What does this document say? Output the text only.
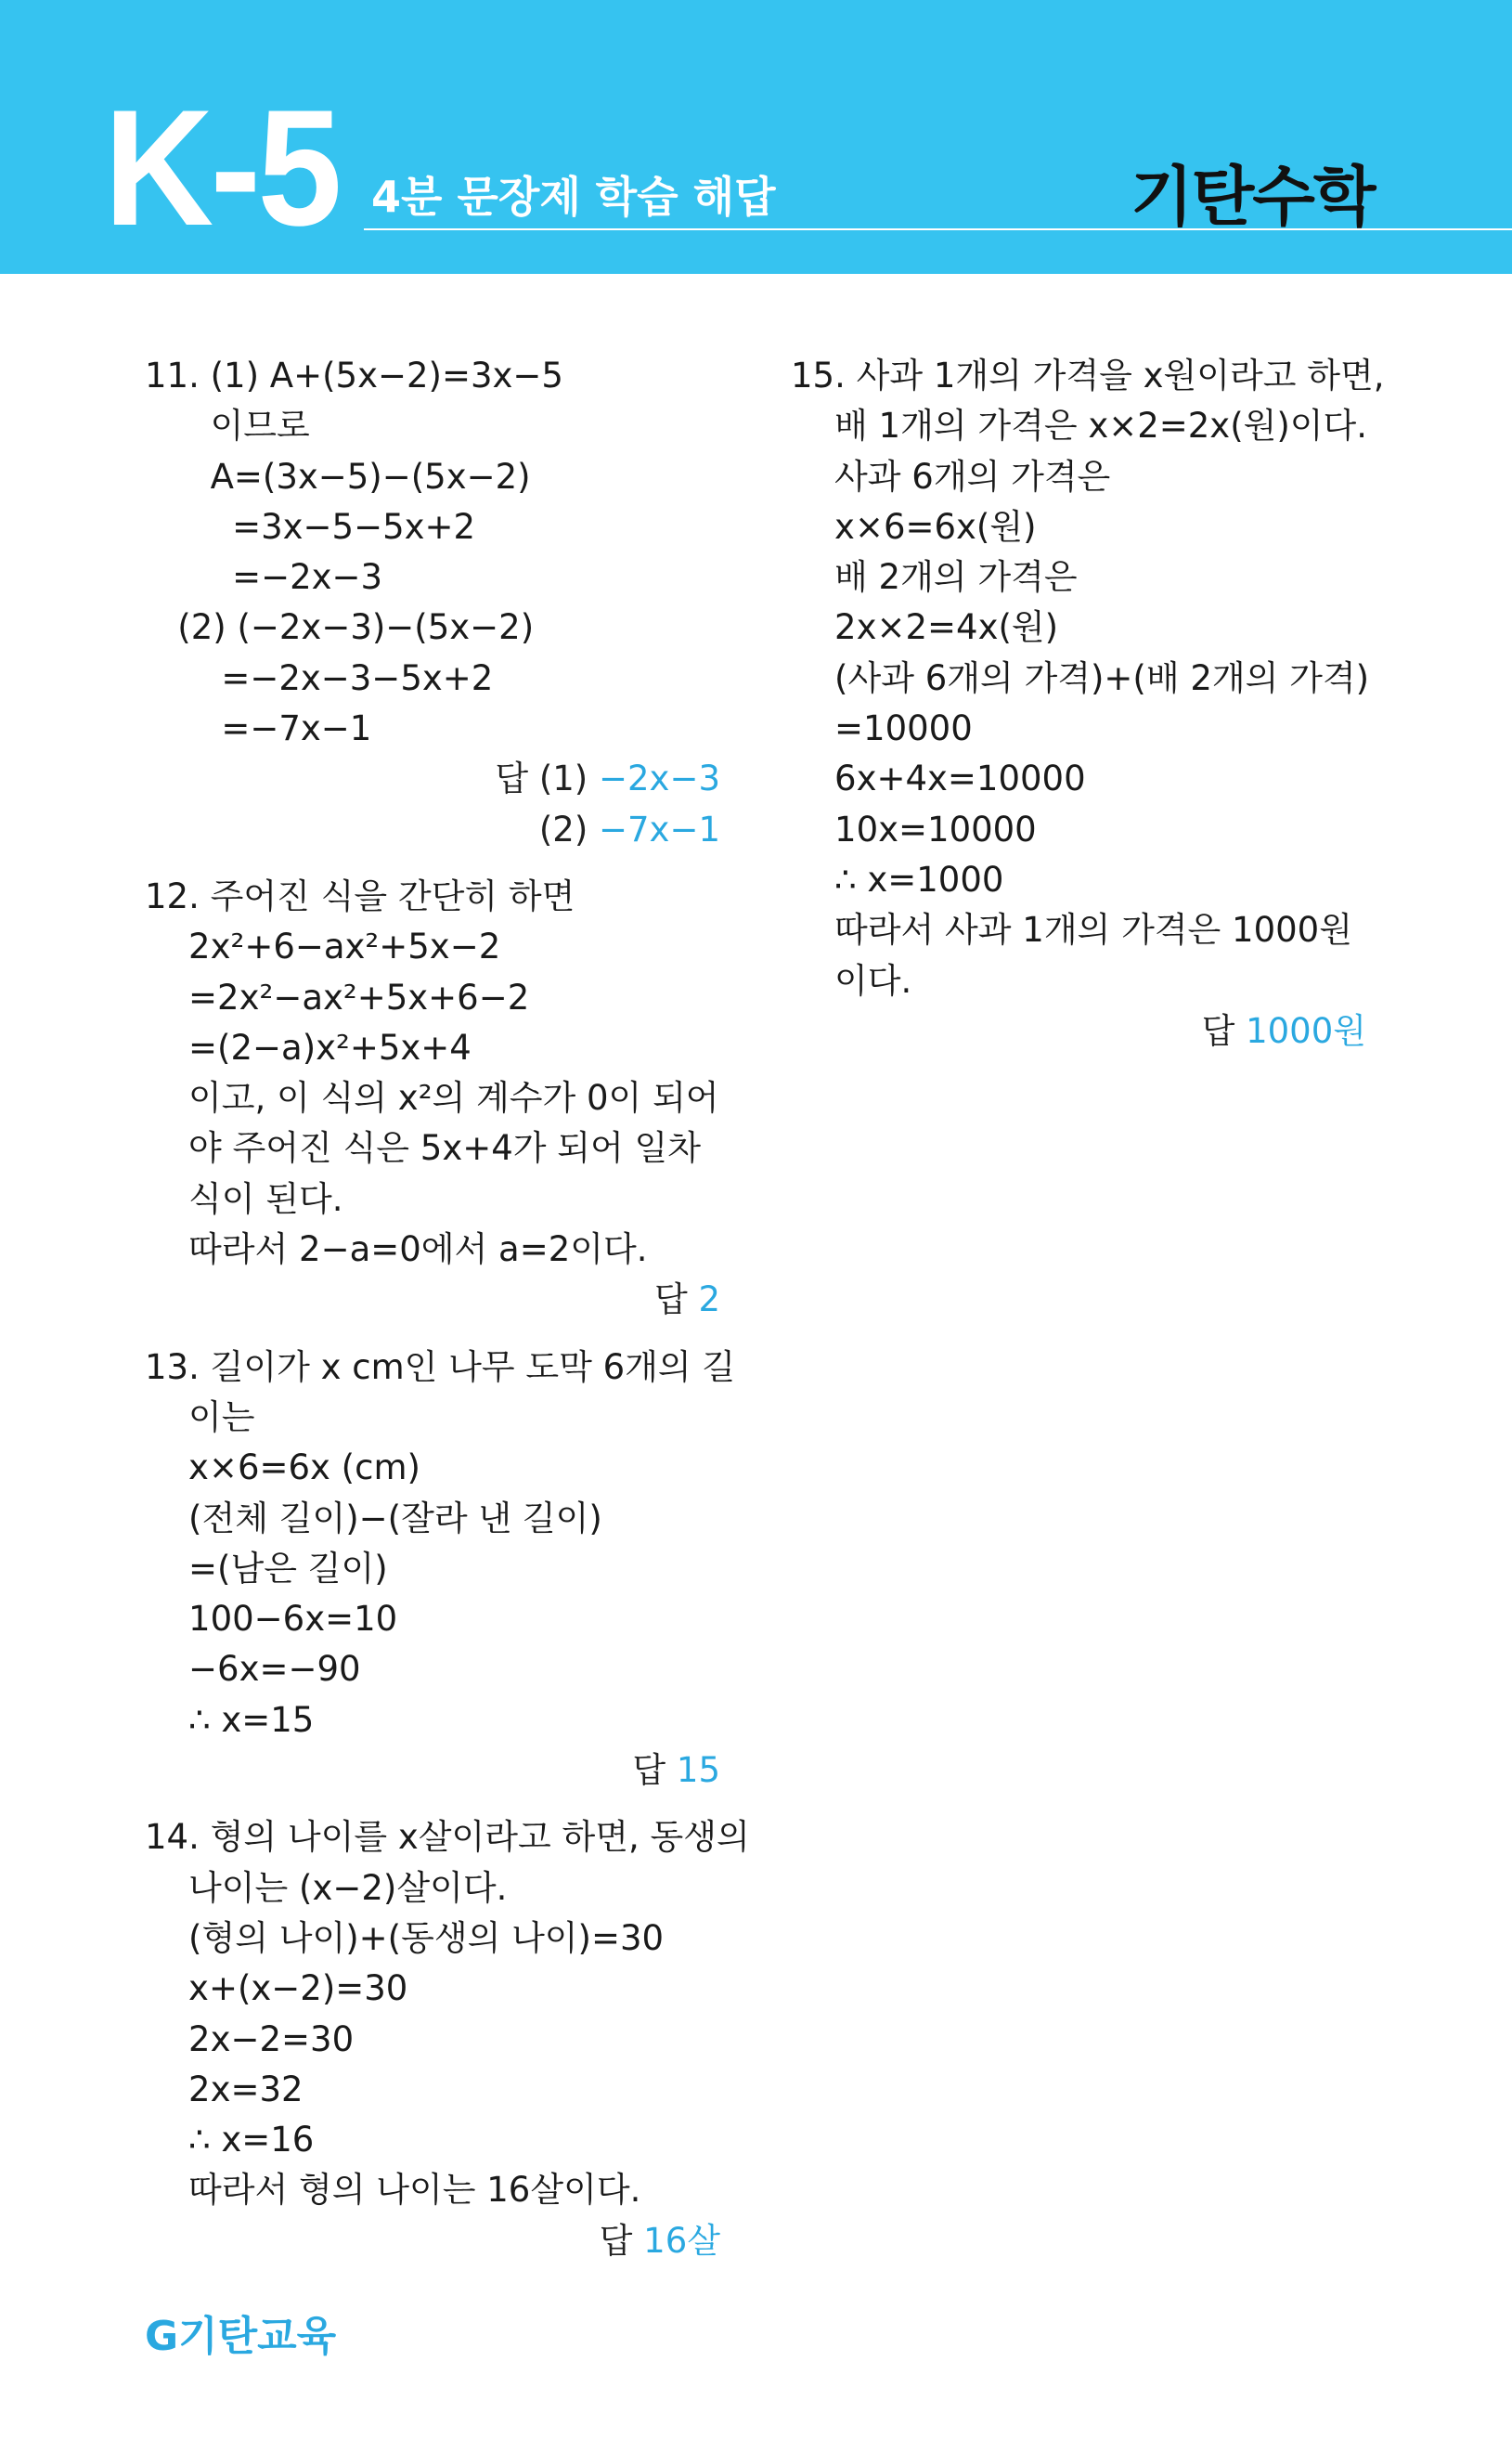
K-5 4분 문장제 학습 해답	기탄수학
11. (1) A+(5x−2)=3x−5
이므로
A=(3x−5)−(5x−2)
=3x−5−5x+2
=−2x−3
(2) (−2x−3)−(5x−2)
=−2x−3−5x+2
=−7x−1
답 (1) −2x−3
(2) −7x−1
12. 주어진 식을 간단히 하면
2x²+6−ax²+5x−2
=2x²−ax²+5x+6−2
=(2−a)x²+5x+4
이고, 이 식의 x²의 계수가 0이 되어
야 주어진 식은 5x+4가 되어 일차
식이 된다.
따라서 2−a=0에서 a=2이다.
답 2
13. 길이가 x cm인 나무 도막 6개의 길
이는
x×6=6x (cm)
(전체 길이)−(잘라 낸 길이)
=(남은 길이)
100−6x=10
−6x=−90
∴ x=15
답 15
14. 형의 나이를 x살이라고 하면, 동생의
나이는 (x−2)살이다.
(형의 나이)+(동생의 나이)=30
x+(x−2)=30
2x−2=30
2x=32
∴ x=16
따라서 형의 나이는 16살이다.
답 16살
15. 사과 1개의 가격을 x원이라고 하면,
배 1개의 가격은 x×2=2x(원)이다.
사과 6개의 가격은
x×6=6x(원)
배 2개의 가격은
2x×2=4x(원)
(사과 6개의 가격)+(배 2개의 가격)
=10000
6x+4x=10000
10x=10000
∴ x=1000
따라서 사과 1개의 가격은 1000원
이다.
답 1000원
G기탄교육
